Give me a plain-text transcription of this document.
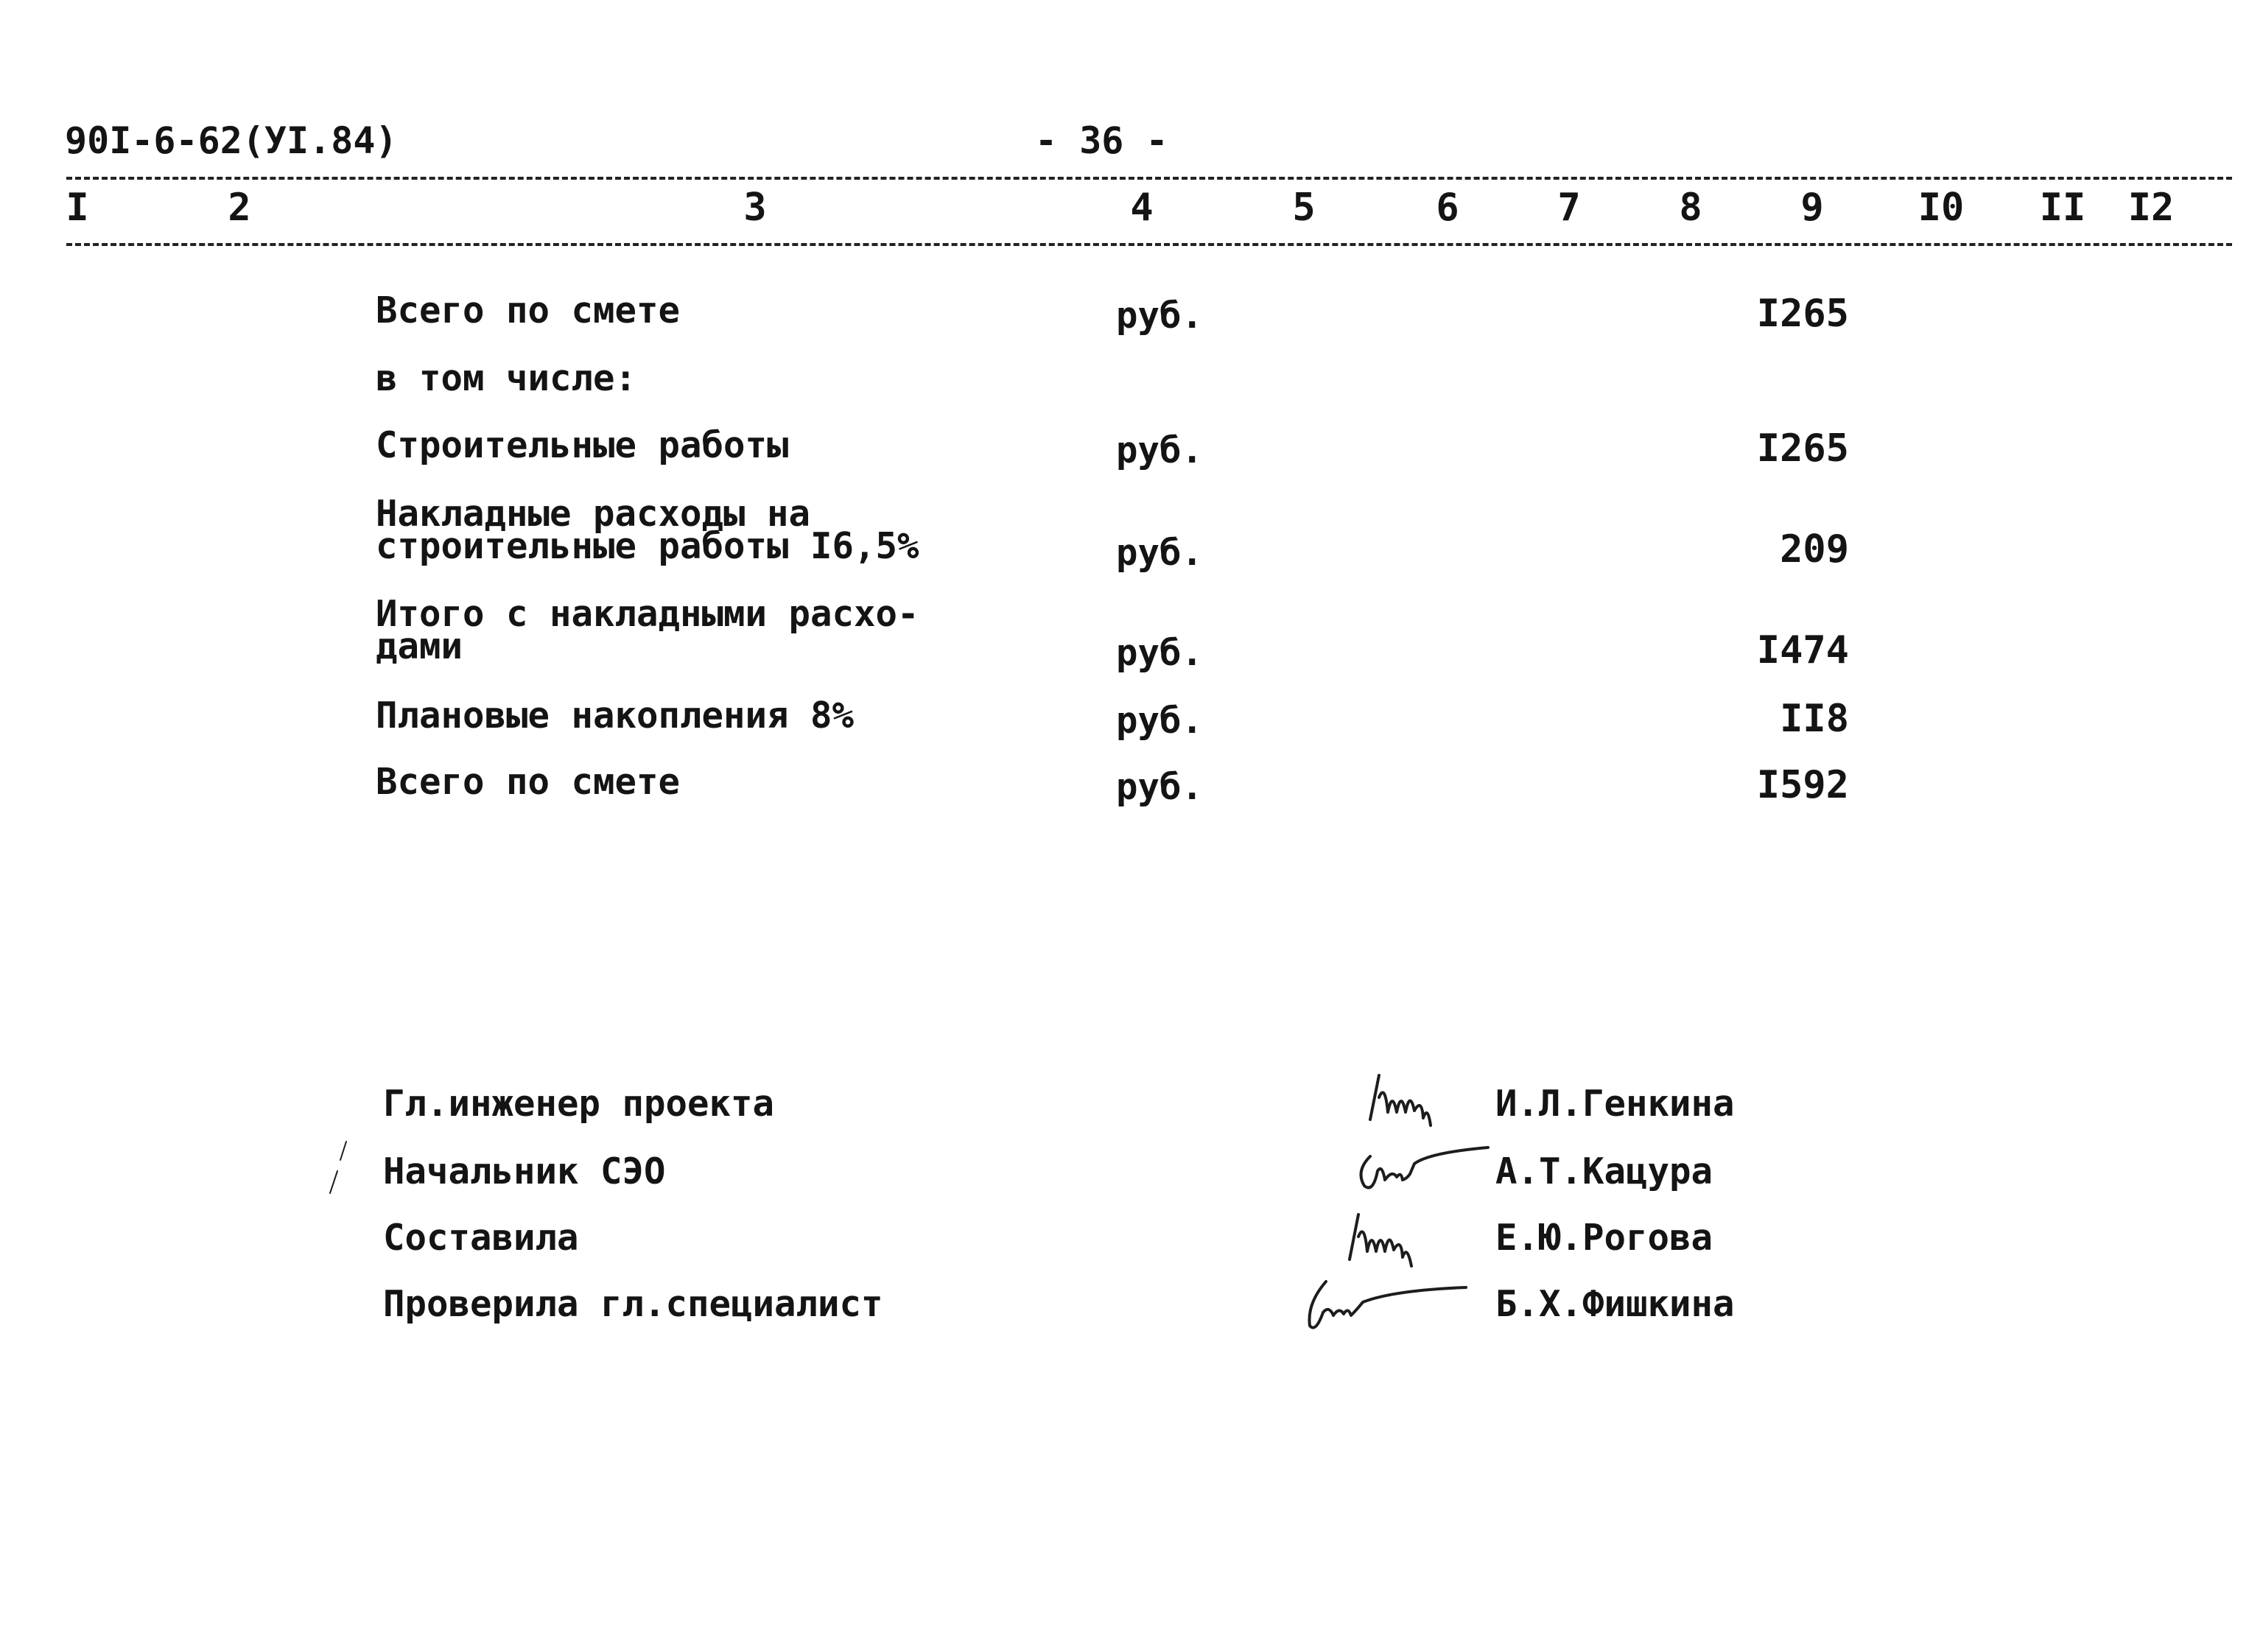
90I-6-62(УI.84)	- 36 -
I	2	3	4	5	6	7	8	9	I0 II I2
Всего по смете	руб.	I265
в том числе:
Строительные работы	руб.	I265
Накладные расходы на
строительные работы I6,5%	руб.	209
Итого с накладными расхо-
дами	руб.	I474
Плановые накопления 8%	руб.	II8
Всего по смете	руб.	I592
Гл.инженер проекта	И.Л.Генкина
Начальник СЭО	А.Т.Кацура
Составила	Е.Ю.Рогова
Проверила гл.специалист	Б.Х.Фишкина
